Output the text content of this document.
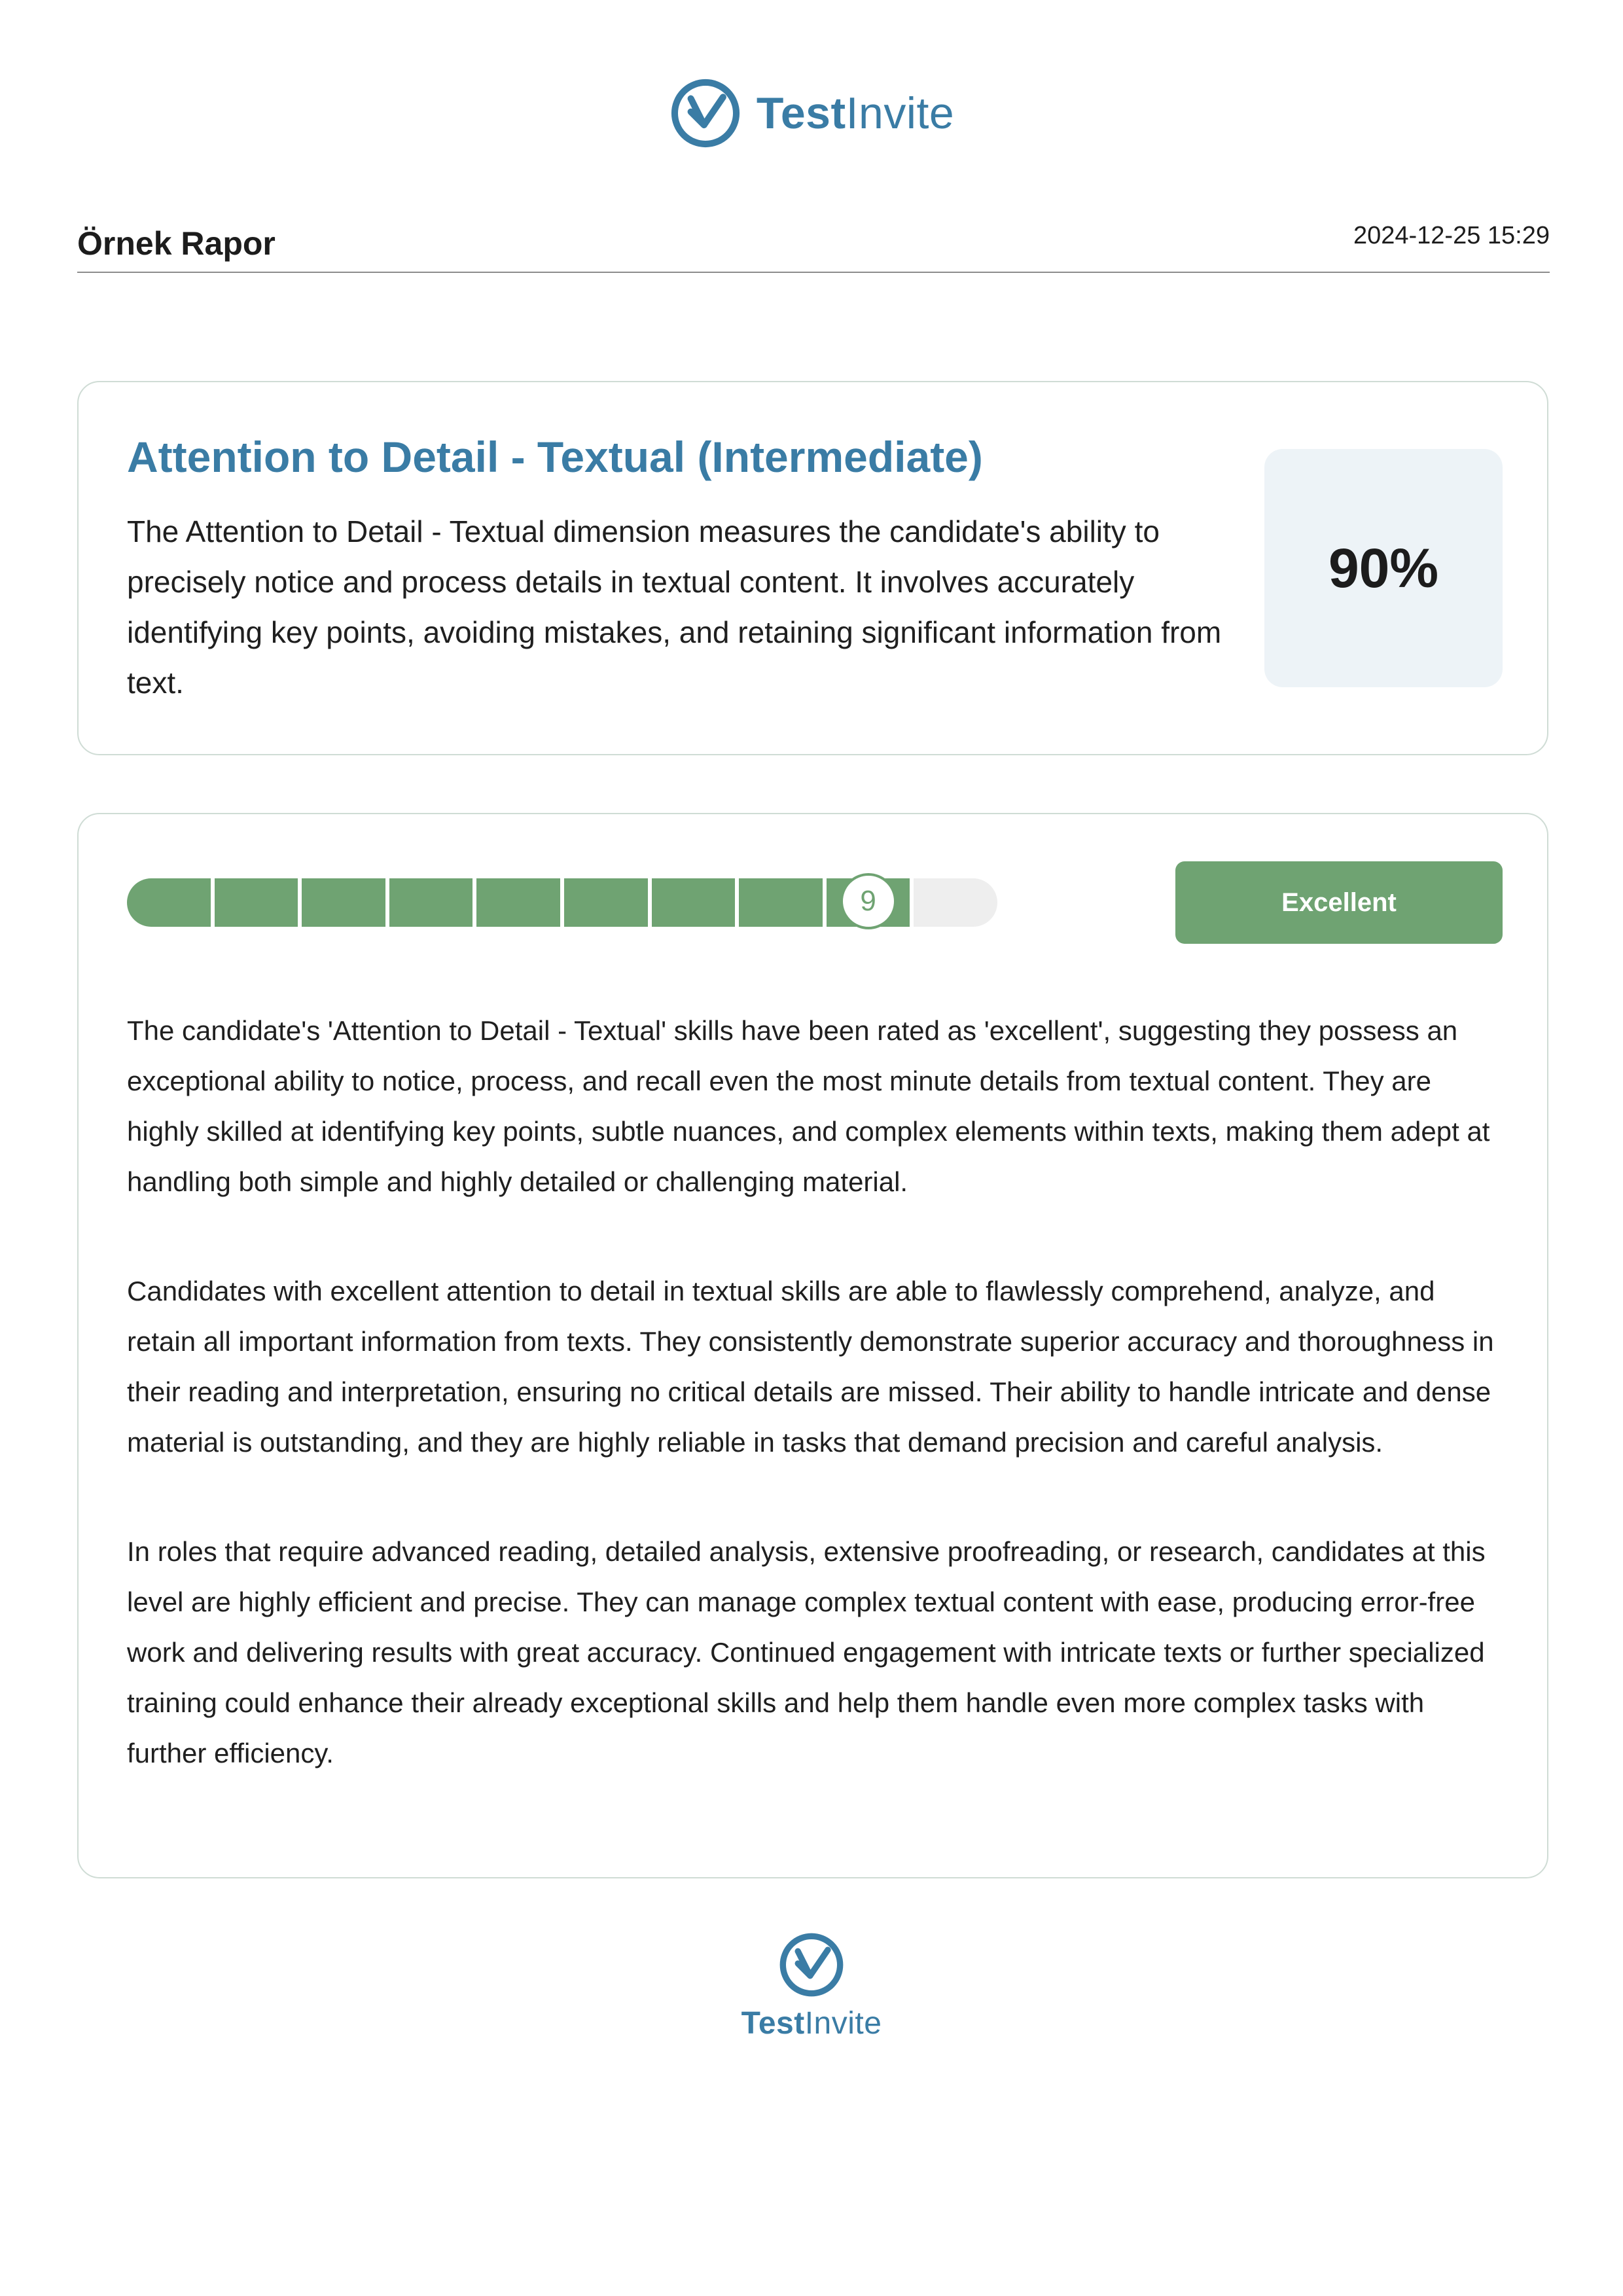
TestInvite
Örnek Rapor	2024-12-25 15:29
Attention to Detail - Textual (Intermediate)
The Attention to Detail - Textual dimension measures the candidate's ability to precisely notice and process details in textual content. It involves accurately identifying key points, avoiding mistakes, and retaining significant information from text.
90%
9	Excellent

The candidate's 'Attention to Detail - Textual' skills have been rated as 'excellent', suggesting they possess an exceptional ability to notice, process, and recall even the most minute details from textual content. They are highly skilled at identifying key points, subtle nuances, and complex elements within texts, making them adept at handling both simple and highly detailed or challenging material.

Candidates with excellent attention to detail in textual skills are able to flawlessly comprehend, analyze, and retain all important information from texts. They consistently demonstrate superior accuracy and thoroughness in their reading and interpretation, ensuring no critical details are missed. Their ability to handle intricate and dense material is outstanding, and they are highly reliable in tasks that demand precision and careful analysis.

In roles that require advanced reading, detailed analysis, extensive proofreading, or research, candidates at this level are highly efficient and precise. They can manage complex textual content with ease, producing error-free work and delivering results with great accuracy. Continued engagement with intricate texts or further specialized training could enhance their already exceptional skills and help them handle even more complex tasks with further efficiency.

TestInvite
